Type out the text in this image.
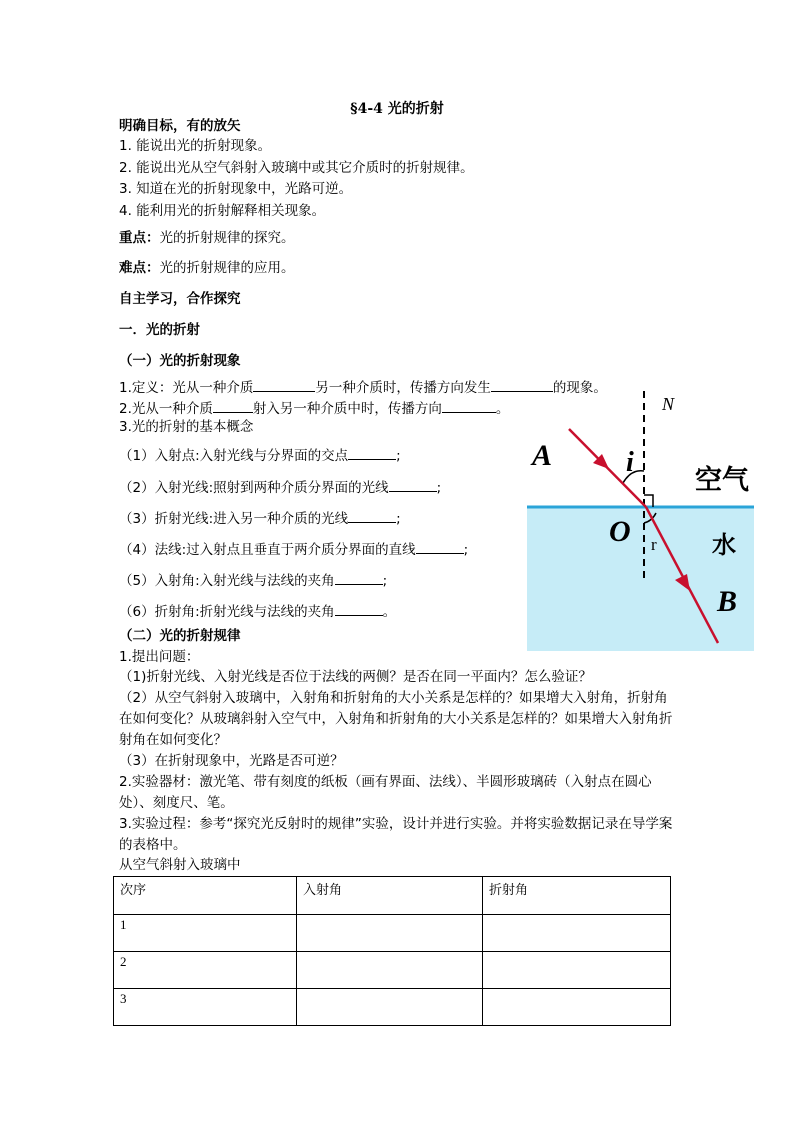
§4-4 光的折射
明确目标，有的放矢
1. 能说出光的折射现象。
2. 能说出光从空气斜射入玻璃中或其它介质时的折射规律。
3. 知道在光的折射现象中，光路可逆。
4. 能利用光的折射解释相关现象。
重点：光的折射规律的探究。
难点：光的折射规律的应用。
自主学习，合作探究
一．光的折射
（一）光的折射现象
1.定义：光从一种介质	另一种介质时，传播方向发生	的现象。
2.光从一种介质	射入另一种介质中时，传播方向	。
3.光的折射的基本概念
（1）入射点:入射光线与分界面的交点	;
（2）入射光线:照射到两种介质分界面的光线	;
（3）折射光线:进入另一种介质的光线	;
（4）法线:过入射点且垂直于两介质分界面的直线	;
（5）入射角:入射光线与法线的夹角	;
（6）折射角:折射光线与法线的夹角	。
A
B
O
N
i
r
空气
水
（二）光的折射规律
1.提出问题：
（1)折射光线、入射光线是否位于法线的两侧？是否在同一平面内？怎么验证？
（2）从空气斜射入玻璃中，入射角和折射角的大小关系是怎样的？如果增大入射角，折射角在如何变化？从玻璃斜射入空气中，入射角和折射角的大小关系是怎样的？如果增大入射角折射角在如何变化？
（3）在折射现象中，光路是否可逆？
2.实验器材：激光笔、带有刻度的纸板（画有界面、法线）、半圆形玻璃砖（入射点在圆心处）、刻度尺、笔。
3.实验过程：参考“探究光反射时的规律”实验，设计并进行实验。并将实验数据记录在导学案的表格中。
从空气斜射入玻璃中
次序	入射角	折射角
1		
2		
3		
